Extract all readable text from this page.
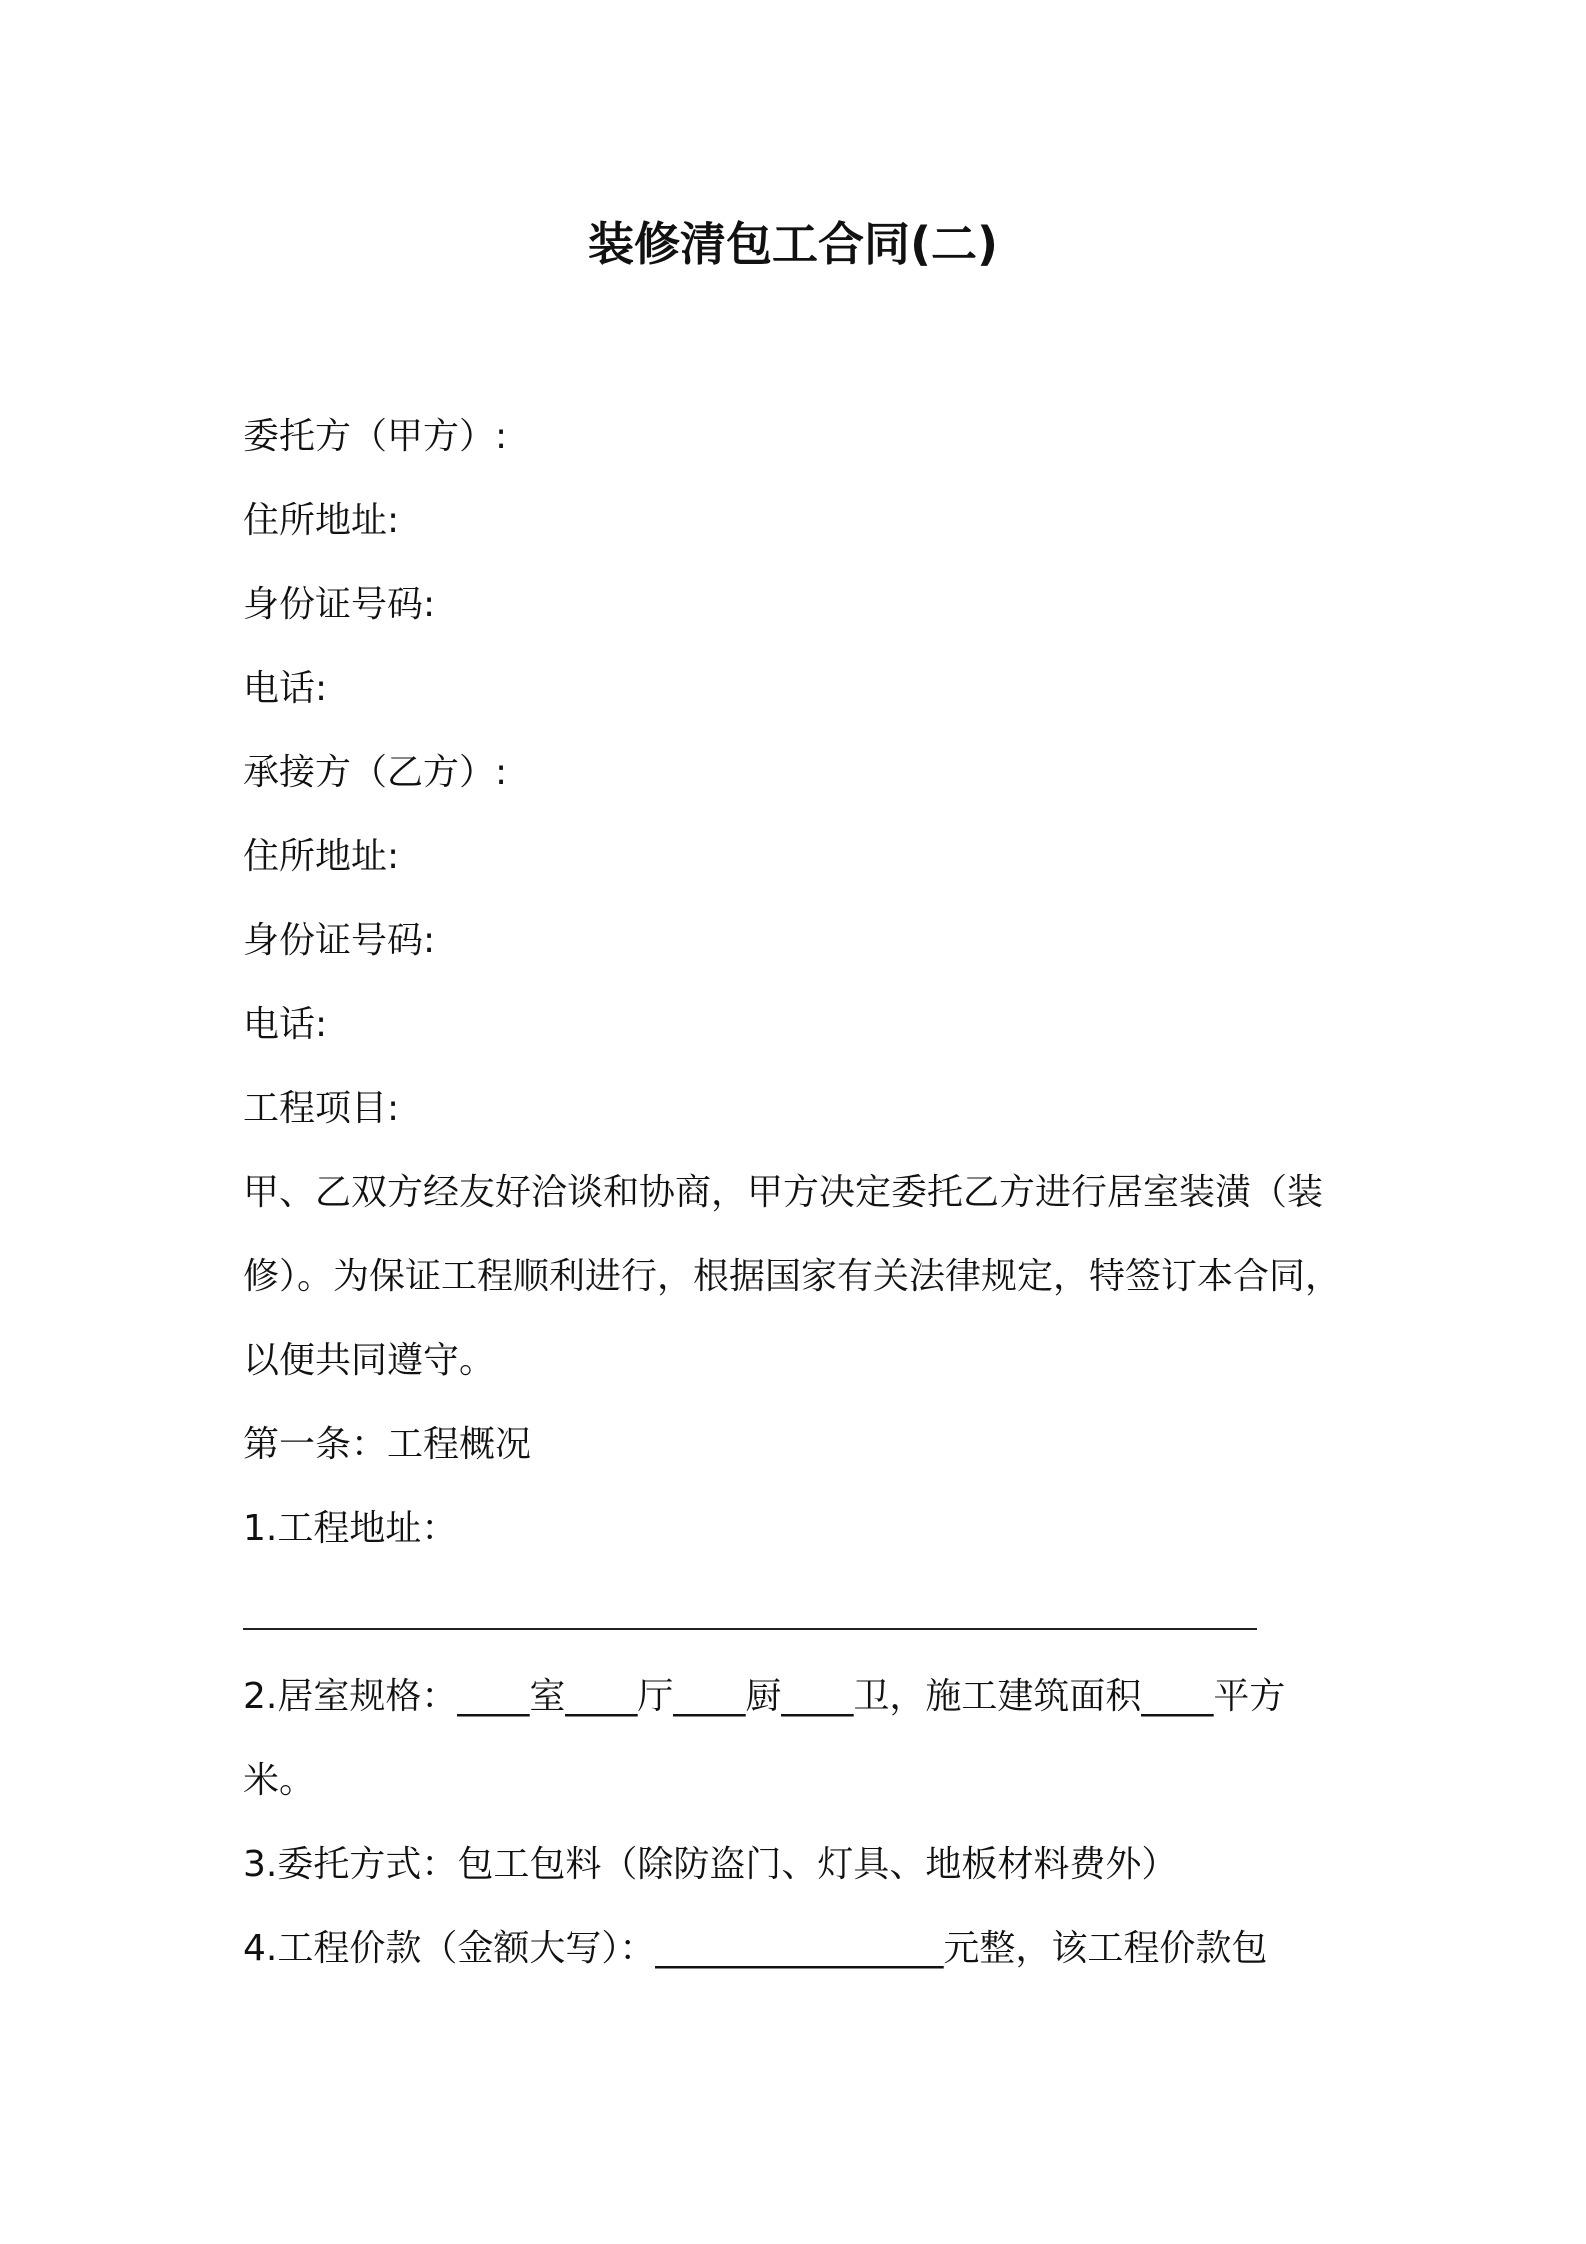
装修清包工合同(二)
委托方（甲方）:
住所地址:
身份证号码:
电话:
承接方（乙方）:
住所地址:
身份证号码:
电话:
工程项目:
甲、乙双方经友好洽谈和协商，甲方决定委托乙方进行居室装潢（装
修）。为保证工程顺利进行，根据国家有关法律规定，特签订本合同，
以便共同遵守。
第一条：工程概况
1.工程地址：
2.居室规格：____室____厅____厨____卫，施工建筑面积____平方
米。
3.委托方式：包工包料（除防盗门、灯具、地板材料费外）
4.工程价款（金额大写）：________________元整，该工程价款包
